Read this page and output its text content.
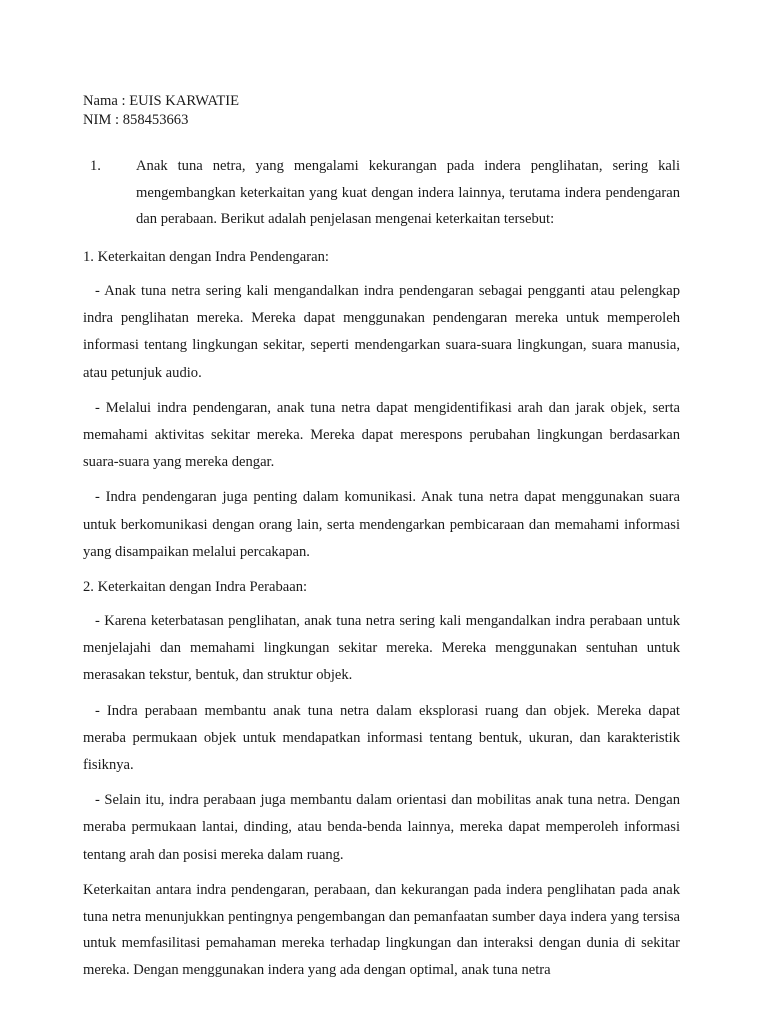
Nama : EUIS KARWATIE
NIM : 858453663
1. Anak tuna netra, yang mengalami kekurangan pada indera penglihatan, sering kali mengembangkan keterkaitan yang kuat dengan indera lainnya, terutama indera pendengaran dan perabaan. Berikut adalah penjelasan mengenai keterkaitan tersebut:
1. Keterkaitan dengan Indra Pendengaran:

- Anak tuna netra sering kali mengandalkan indra pendengaran sebagai pengganti atau pelengkap indra penglihatan mereka. Mereka dapat menggunakan pendengaran mereka untuk memperoleh informasi tentang lingkungan sekitar, seperti mendengarkan suara-suara lingkungan, suara manusia, atau petunjuk audio.

- Melalui indra pendengaran, anak tuna netra dapat mengidentifikasi arah dan jarak objek, serta memahami aktivitas sekitar mereka. Mereka dapat merespons perubahan lingkungan berdasarkan suara-suara yang mereka dengar.

- Indra pendengaran juga penting dalam komunikasi. Anak tuna netra dapat menggunakan suara untuk berkomunikasi dengan orang lain, serta mendengarkan pembicaraan dan memahami informasi yang disampaikan melalui percakapan.

2. Keterkaitan dengan Indra Perabaan:

- Karena keterbatasan penglihatan, anak tuna netra sering kali mengandalkan indra perabaan untuk menjelajahi dan memahami lingkungan sekitar mereka. Mereka menggunakan sentuhan untuk merasakan tekstur, bentuk, dan struktur objek.

- Indra perabaan membantu anak tuna netra dalam eksplorasi ruang dan objek. Mereka dapat meraba permukaan objek untuk mendapatkan informasi tentang bentuk, ukuran, dan karakteristik fisiknya.

- Selain itu, indra perabaan juga membantu dalam orientasi dan mobilitas anak tuna netra. Dengan meraba permukaan lantai, dinding, atau benda-benda lainnya, mereka dapat memperoleh informasi tentang arah dan posisi mereka dalam ruang.

Keterkaitan antara indra pendengaran, perabaan, dan kekurangan pada indera penglihatan pada anak tuna netra menunjukkan pentingnya pengembangan dan pemanfaatan sumber daya indera yang tersisa untuk memfasilitasi pemahaman mereka terhadap lingkungan dan interaksi dengan dunia di sekitar mereka. Dengan menggunakan indera yang ada dengan optimal, anak tuna netra
